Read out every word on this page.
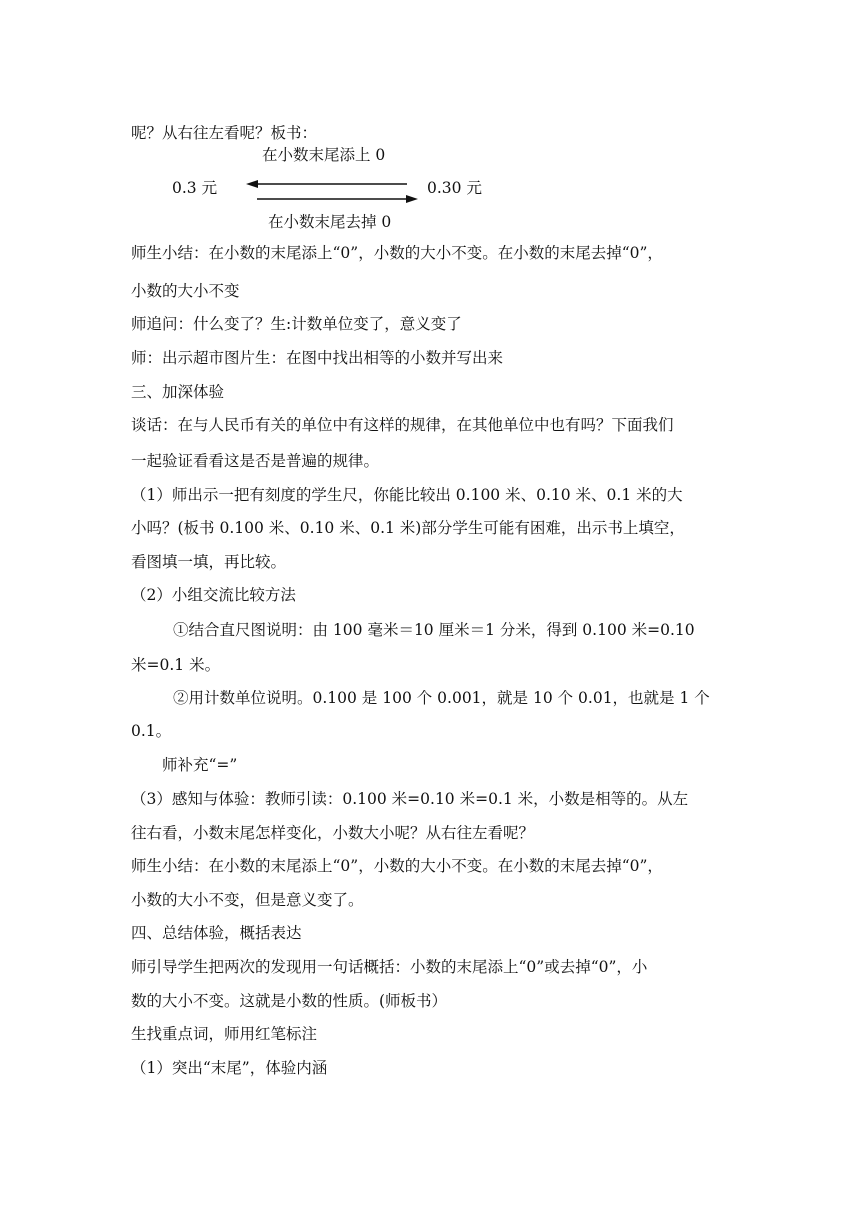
呢？从右往左看呢？板书：
在小数末尾添上 0
0.3 元	0.30 元
在小数末尾去掉 0
师生小结：在小数的末尾添上“0”，小数的大小不变。在小数的末尾去掉“0”，
小数的大小不变
师追问：什么变了？生:计数单位变了，意义变了
师：出示超市图片生：在图中找出相等的小数并写出来
三、加深体验
谈话：在与人民币有关的单位中有这样的规律，在其他单位中也有吗？下面我们
一起验证看看这是否是普遍的规律。
（1）师出示一把有刻度的学生尺，你能比较出 0.100 米、0.10 米、0.1 米的大
小吗？(板书 0.100 米、0.10 米、0.1 米)部分学生可能有困难，出示书上填空，
看图填一填，再比较。
（2）小组交流比较方法
①结合直尺图说明：由 100 毫米＝10 厘米＝1 分米，得到 0.100 米=0.10
米=0.1 米。
②用计数单位说明。0.100 是 100 个 0.001，就是 10 个 0.01，也就是 1 个
0.1。
师补充“=”
（3）感知与体验：教师引读：0.100 米=0.10 米=0.1 米，小数是相等的。从左
往右看，小数末尾怎样变化，小数大小呢？从右往左看呢？
师生小结：在小数的末尾添上“0”，小数的大小不变。在小数的末尾去掉“0”，
小数的大小不变，但是意义变了。
四、总结体验，概括表达
师引导学生把两次的发现用一句话概括：小数的末尾添上“0”或去掉“0”，小
数的大小不变。这就是小数的性质。(师板书）
生找重点词，师用红笔标注
（1）突出“末尾”，体验内涵
